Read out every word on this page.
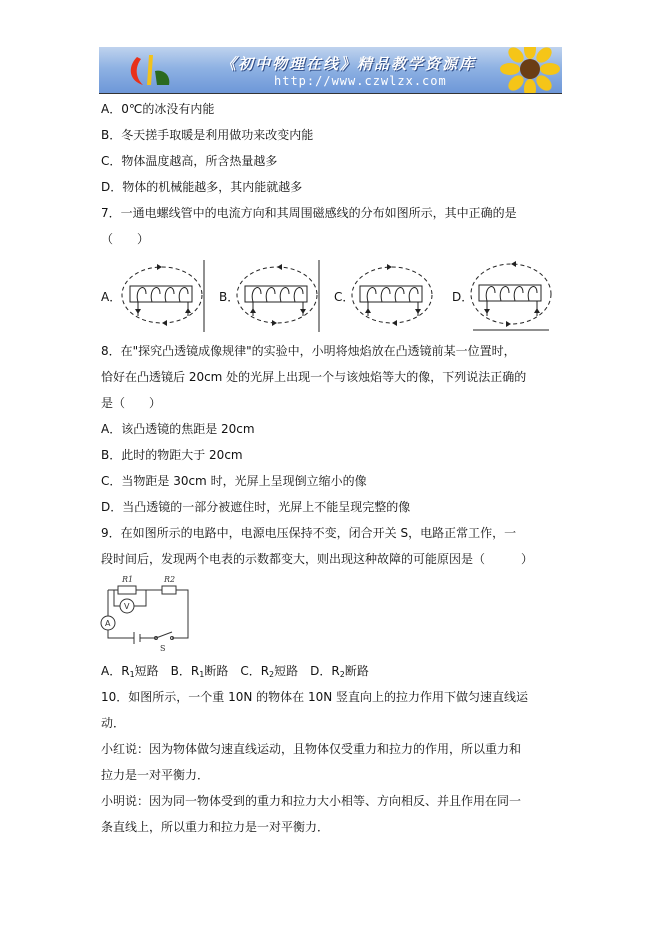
《初中物理在线》精品教学资源库
http://www.czwlzx.com
A．0℃的冰没有内能
B．冬天搓手取暖是利用做功来改变内能
C．物体温度越高，所含热量越多
D．物体的机械能越多，其内能就越多
7．一通电螺线管中的电流方向和其周围磁感线的分布如图所示，其中正确的是
（　　）
A．	B．	C．	D．
8．在"探究凸透镜成像规律"的实验中，小明将烛焰放在凸透镜前某一位置时，
恰好在凸透镜后 20cm 处的光屏上出现一个与该烛焰等大的像，下列说法正确的
是（　　）
A．该凸透镜的焦距是 20cm
B．此时的物距大于 20cm
C．当物距是 30cm 时，光屏上呈现倒立缩小的像
D．当凸透镜的一部分被遮住时，光屏上不能呈现完整的像
9．在如图所示的电路中，电源电压保持不变，闭合开关 S，电路正常工作，一
段时间后，发现两个电表的示数都变大，则出现这种故障的可能原因是（　　　）
R1	R2
V
A
S
A．$R_1$短路　B．$R_1$断路　C．$R_2$短路　D．$R_2$断路
10．如图所示，一个重 10N 的物体在 10N 竖直向上的拉力作用下做匀速直线运
动．
小红说：因为物体做匀速直线运动，且物体仅受重力和拉力的作用，所以重力和
拉力是一对平衡力．
小明说：因为同一物体受到的重力和拉力大小相等、方向相反、并且作用在同一
条直线上，所以重力和拉力是一对平衡力．
